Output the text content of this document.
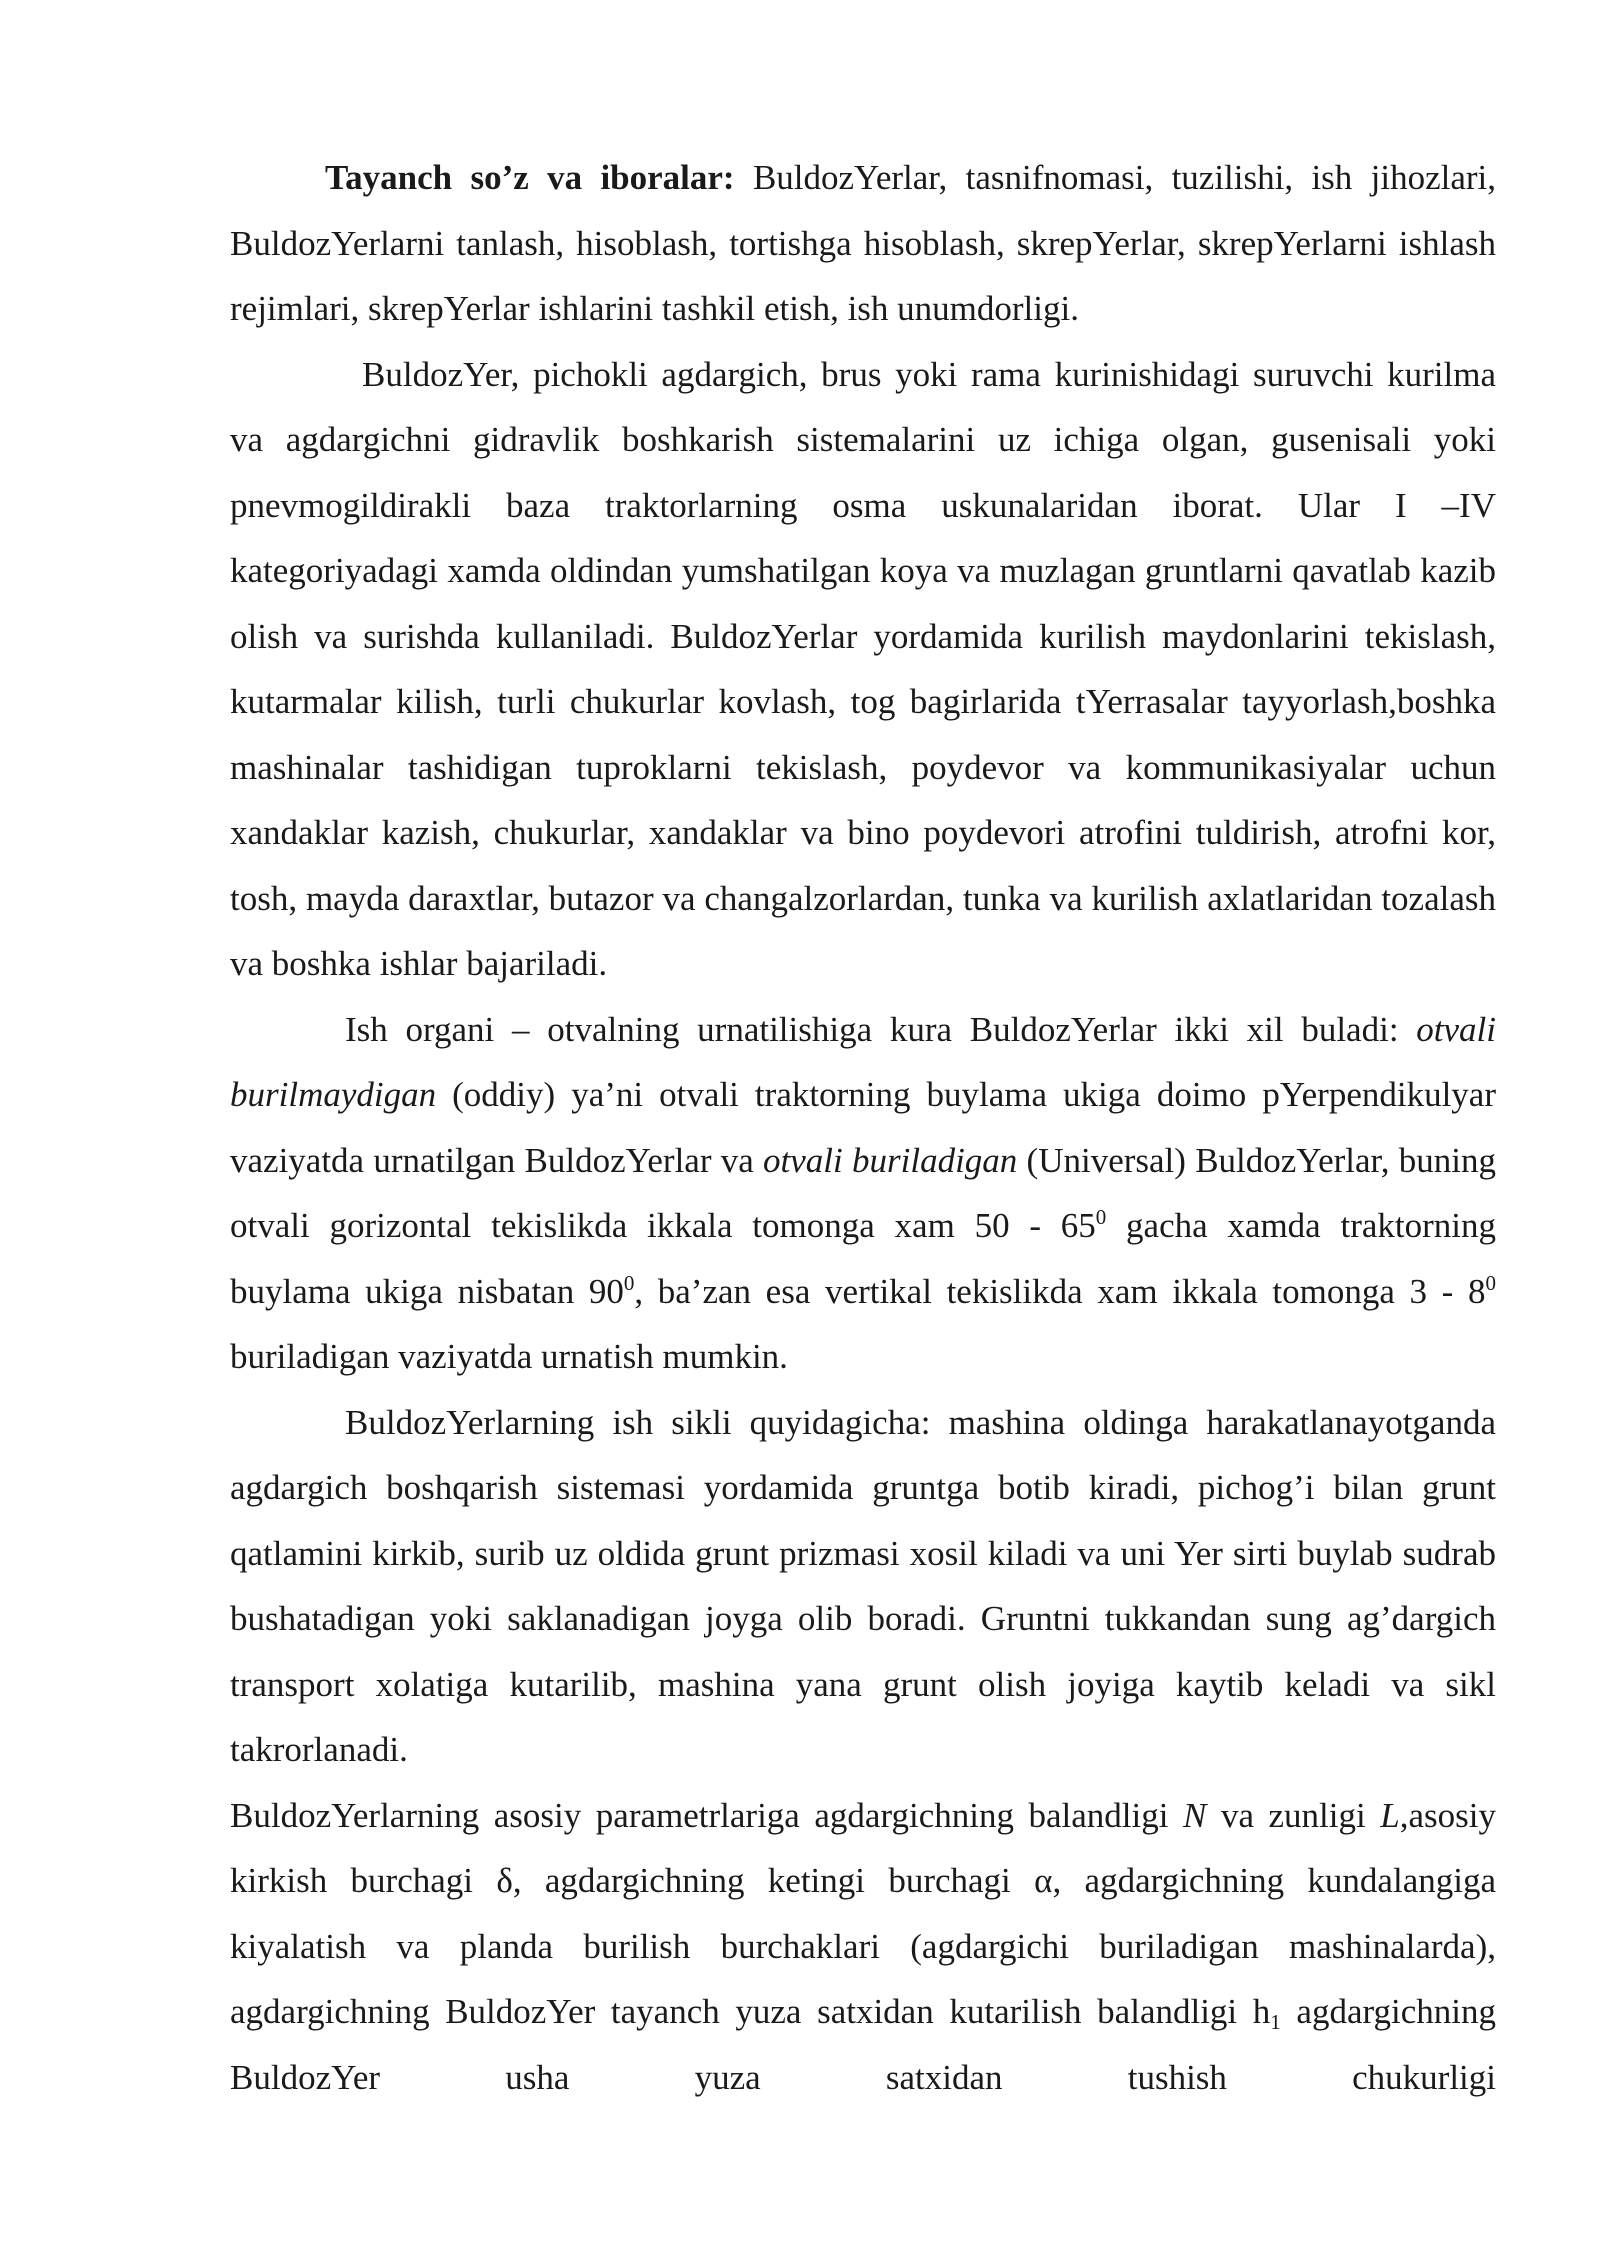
Tayanch so’z va iboralar: BuldozYerlar, tasnifnomasi, tuzilishi, ish jihozlari, BuldozYerlarni tanlash, hisoblash, tortishga hisoblash, skrepYerlar, skrepYerlarni ishlash rejimlari, skrepYerlar ishlarini tashkil etish, ish unumdorligi.

BuldozYer, pichokli agdargich, brus yoki rama kurinishidagi suruvchi kurilma va agdargichni gidravlik boshkarish sistemalarini uz ichiga olgan, gusenisali yoki pnevmogildirakli baza traktorlarning osma uskunalaridan iborat. Ular I –IV kategoriyadagi xamda oldindan yumshatilgan koya va muzlagan gruntlarni qavatlab kazib olish va surishda kullaniladi. BuldozYerlar yordamida kurilish maydonlarini tekislash, kutarmalar kilish, turli chukurlar kovlash, tog bagirlarida tYerrasalar tayyorlash,boshka mashinalar tashidigan tuproklarni tekislash, poydevor va kommunikasiyalar uchun xandaklar kazish, chukurlar, xandaklar va bino poydevori atrofini tuldirish, atrofni kor, tosh, mayda daraxtlar, butazor va changalzorlardan, tunka va kurilish axlatlaridan tozalash va boshka ishlar bajariladi.

Ish organi – otvalning urnatilishiga kura BuldozYerlar ikki xil buladi: otvali burilmaydigan (oddiy) ya’ni otvali traktorning buylama ukiga doimo pYerpendikulyar vaziyatda urnatilgan BuldozYerlar va otvali buriladigan (Universal) BuldozYerlar, buning otvali gorizontal tekislikda ikkala tomonga xam $50 - 65^0$ gacha xamda traktorning buylama ukiga nisbatan $90^0$, ba’zan esa vertikal tekislikda xam ikkala tomonga $3 - 8^0$ buriladigan vaziyatda urnatish mumkin.

BuldozYerlarning ish sikli quyidagicha: mashina oldinga harakatlanayotganda agdargich boshqarish sistemasi yordamida gruntga botib kiradi, pichog’i bilan grunt qatlamini kirkib, surib uz oldida grunt prizmasi xosil kiladi va uni Yer sirti buylab sudrab bushatadigan yoki saklanadigan joyga olib boradi. Gruntni tukkandan sung ag’dargich transport xolatiga kutarilib, mashina yana grunt olish joyiga kaytib keladi va sikl takrorlanadi.

BuldozYerlarning asosiy parametrlariga agdargichning balandligi N va zunligi L,asosiy kirkish burchagi δ, agdargichning ketingi burchagi α, agdargichning kundalangiga kiyalatish va planda burilish burchaklari (agdargichi buriladigan mashinalarda), agdargichning BuldozYer tayanch yuza satxidan kutarilish balandligi $h_1$ agdargichning BuldozYer usha yuza satxidan tushish chukurligi
